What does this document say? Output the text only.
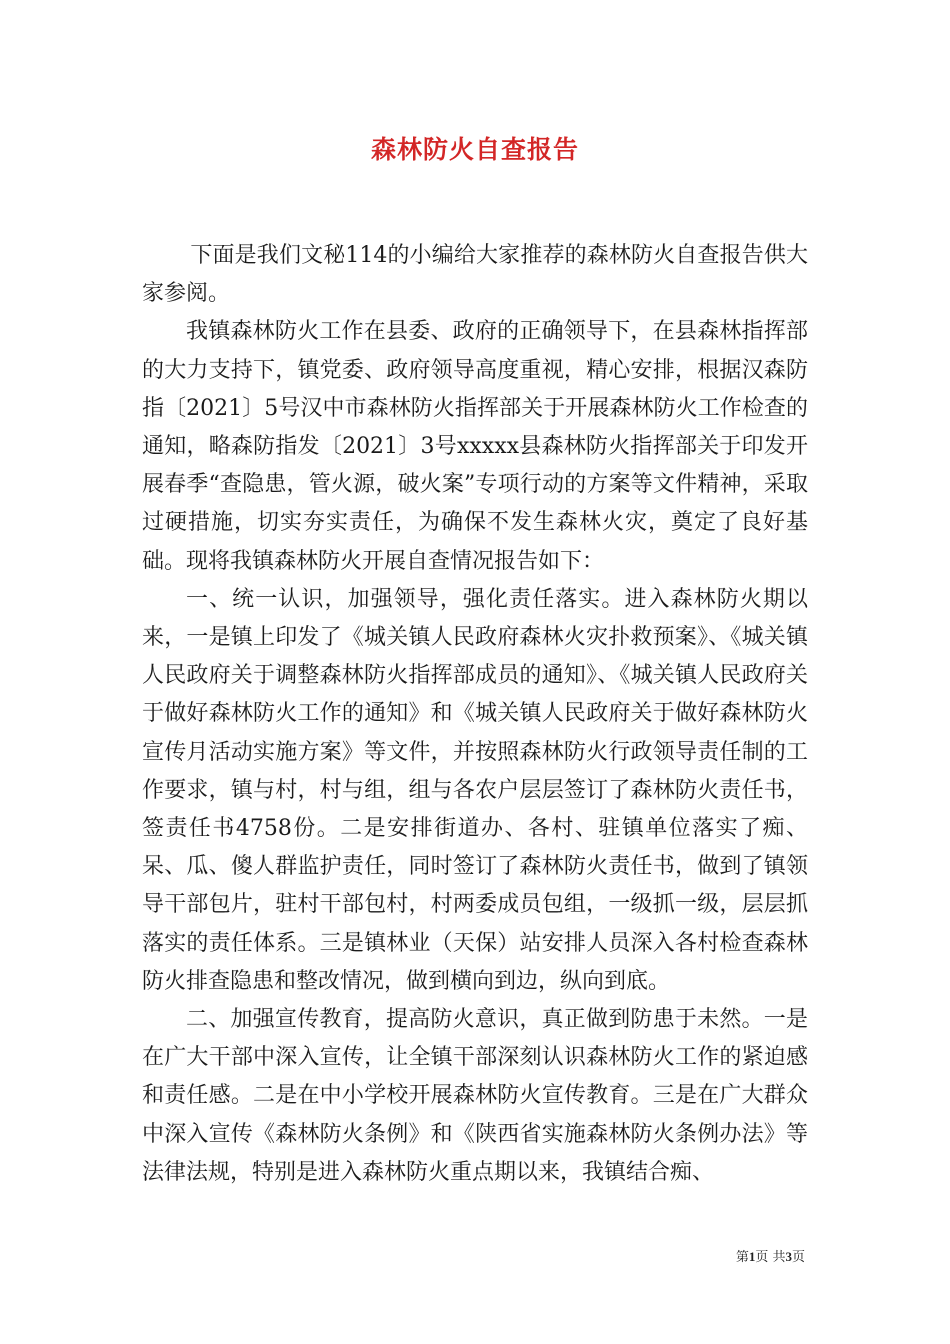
森林防火自查报告

下面是我们文秘114的小编给大家推荐的森林防火自查报告供大家参阅。

我镇森林防火工作在县委、政府的正确领导下，在县森林指挥部的大力支持下，镇党委、政府领导高度重视，精心安排，根据汉森防指〔2021〕5号汉中市森林防火指挥部关于开展森林防火工作检查的通知，略森防指发〔2021〕3号xxxxx县森林防火指挥部关于印发开展春季“查隐患，管火源，破火案”专项行动的方案等文件精神，采取过硬措施，切实夯实责任，为确保不发生森林火灾，奠定了良好基础。现将我镇森林防火开展自查情况报告如下：

一、统一认识，加强领导，强化责任落实。进入森林防火期以来，一是镇上印发了《城关镇人民政府森林火灾扑救预案》、《城关镇人民政府关于调整森林防火指挥部成员的通知》、《城关镇人民政府关于做好森林防火工作的通知》和《城关镇人民政府关于做好森林防火宣传月活动实施方案》等文件，并按照森林防火行政领导责任制的工作要求，镇与村，村与组，组与各农户层层签订了森林防火责任书，签责任书4758份。二是安排街道办、各村、驻镇单位落实了痴、呆、瓜、傻人群监护责任，同时签订了森林防火责任书，做到了镇领导干部包片，驻村干部包村，村两委成员包组，一级抓一级，层层抓落实的责任体系。三是镇林业（天保）站安排人员深入各村检查森林防火排查隐患和整改情况，做到横向到边，纵向到底。

二、加强宣传教育，提高防火意识，真正做到防患于未然。一是在广大干部中深入宣传，让全镇干部深刻认识森林防火工作的紧迫感和责任感。二是在中小学校开展森林防火宣传教育。三是在广大群众中深入宣传《森林防火条例》和《陕西省实施森林防火条例办法》等法律法规，特别是进入森林防火重点期以来，我镇结合痴、

第1页 共3页
